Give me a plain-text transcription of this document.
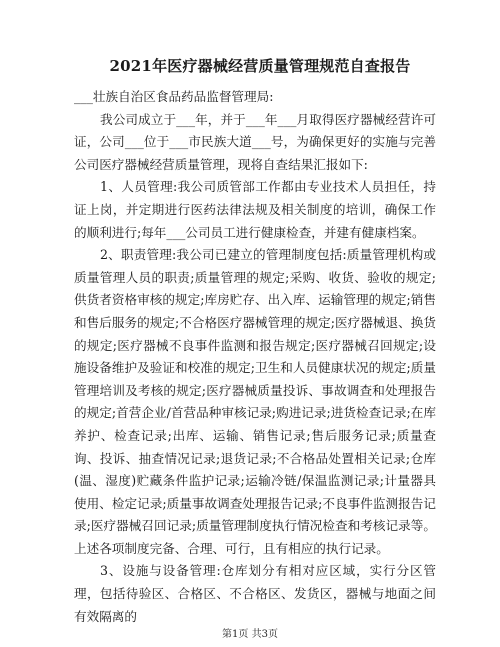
2021年医疗器械经营质量管理规范自查报告

___壮族自治区食品药品监督管理局:

我公司成立于___年，并于___年___月取得医疗器械经营许可证，公司___位于___市民族大道___号，为确保更好的实施与完善公司医疗器械经营质量管理，现将自查结果汇报如下:

1、人员管理:我公司质管部工作都由专业技术人员担任，持证上岗，并定期进行医药法律法规及相关制度的培训，确保工作的顺利进行;每年___公司员工进行健康检查，并建有健康档案。

2、职责管理:我公司已建立的管理制度包括:质量管理机构或质量管理人员的职责;质量管理的规定;采购、收货、验收的规定;供货者资格审核的规定;库房贮存、出入库、运输管理的规定;销售和售后服务的规定;不合格医疗器械管理的规定;医疗器械退、换货的规定;医疗器械不良事件监测和报告规定;医疗器械召回规定;设施设备维护及验证和校准的规定;卫生和人员健康状况的规定;质量管理培训及考核的规定;医疗器械质量投诉、事故调查和处理报告的规定;首营企业/首营品种审核记录;购进记录;进货检查记录;在库养护、检查记录;出库、运输、销售记录;售后服务记录;质量查询、投诉、抽查情况记录;退货记录;不合格品处置相关记录;仓库(温、湿度)贮藏条件监护记录;运输冷链/保温监测记录;计量器具使用、检定记录;质量事故调查处理报告记录;不良事件监测报告记录;医疗器械召回记录;质量管理制度执行情况检查和考核记录等。上述各项制度完备、合理、可行，且有相应的执行记录。

3、设施与设备管理:仓库划分有相对应区域，实行分区管理，包括待验区、合格区、不合格区、发货区，器械与地面之间有效隔离的

第1页 共3页
